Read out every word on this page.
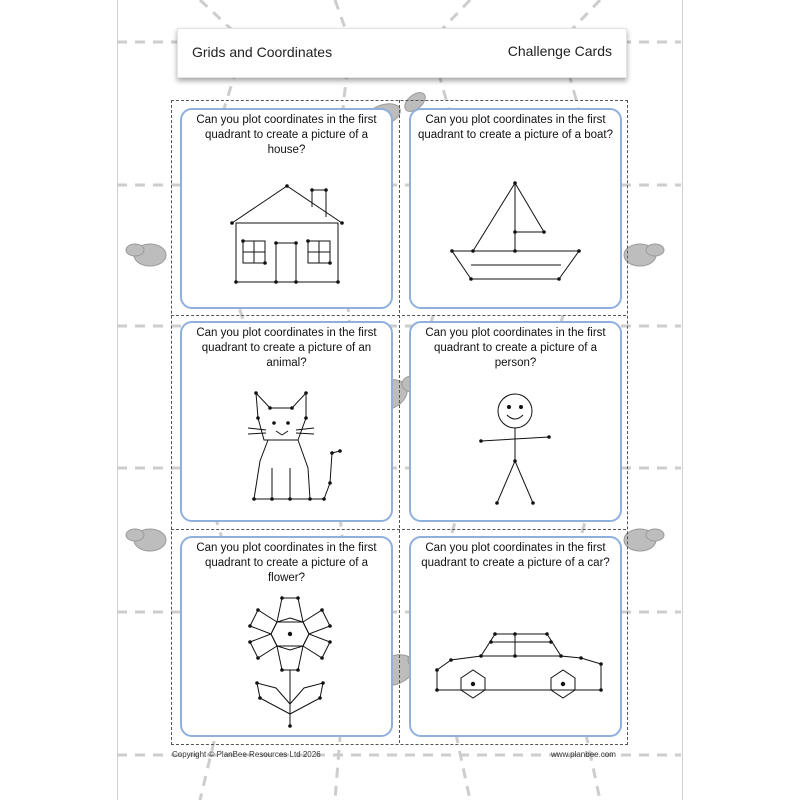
Grids and Coordinates	Challenge Cards
Can you plot coordinates in the first quadrant to create a picture of a house?
Can you plot coordinates in the first quadrant to create a picture of a boat?
Can you plot coordinates in the first quadrant to create a picture of an animal?
Can you plot coordinates in the first quadrant to create a picture of a person?
Can you plot coordinates in the first quadrant to create a picture of a flower?
Can you plot coordinates in the first quadrant to create a picture of a car?
Copyright © PlanBee Resources Ltd 2026	www.planbee.com
